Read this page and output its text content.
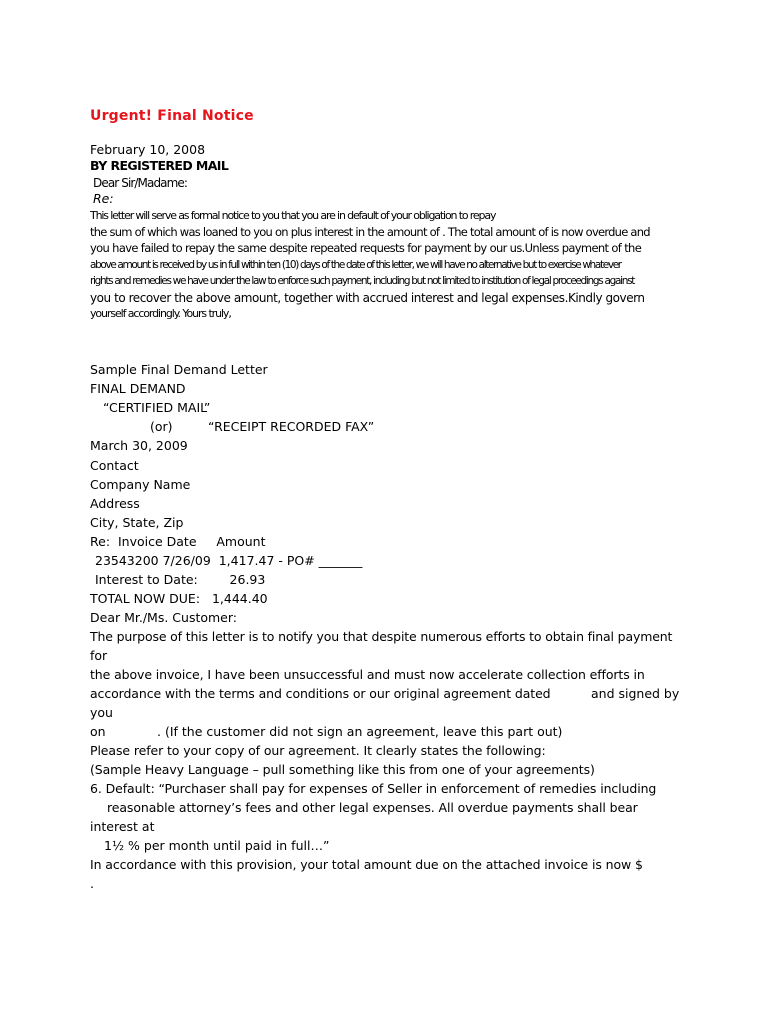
Urgent! Final Notice
February 10, 2008
BY REGISTERED MAIL
Dear Sir/Madame:
Re:
This letter will serve as formal notice to you that you are in default of your obligation to repay
the sum of which was loaned to you on plus interest in the amount of . The total amount of is now overdue and
you have failed to repay the same despite repeated requests for payment by our us.Unless payment of the
above amount is received by us in full within ten (10) days of the date of this letter, we will have no alternative but to exercise whatever
rights and remedies we have under the law to enforce such payment, including but not limited to institution of legal proceedings against
you to recover the above amount, together with accrued interest and legal expenses.Kindly govern
yourself accordingly. Yours truly,
Sample Final Demand Letter
FINAL DEMAND
“CERTIFIED MAIL”
(or)	“RECEIPT RECORDED FAX”
March 30, 2009
Contact
Company Name
Address
City, State, Zip
Re:  Invoice Date     Amount
23543200 7/26/09  1,417.47 - PO# _______
Interest to Date:        26.93
TOTAL NOW DUE:   1,444.40
Dear Mr./Ms. Customer:
The purpose of this letter is to notify you that despite numerous efforts to obtain final payment
for
the above invoice, I have been unsuccessful and must now accelerate collection efforts in
accordance with the terms and conditions or our original agreement dated	and signed by
you
on	. (If the customer did not sign an agreement, leave this part out)
Please refer to your copy of our agreement. It clearly states the following:
(Sample Heavy Language – pull something like this from one of your agreements)
6. Default: “Purchaser shall pay for expenses of Seller in enforcement of remedies including
reasonable attorney’s fees and other legal expenses. All overdue payments shall bear
interest at
1½ % per month until paid in full…”
In accordance with this provision, your total amount due on the attached invoice is now $
.
